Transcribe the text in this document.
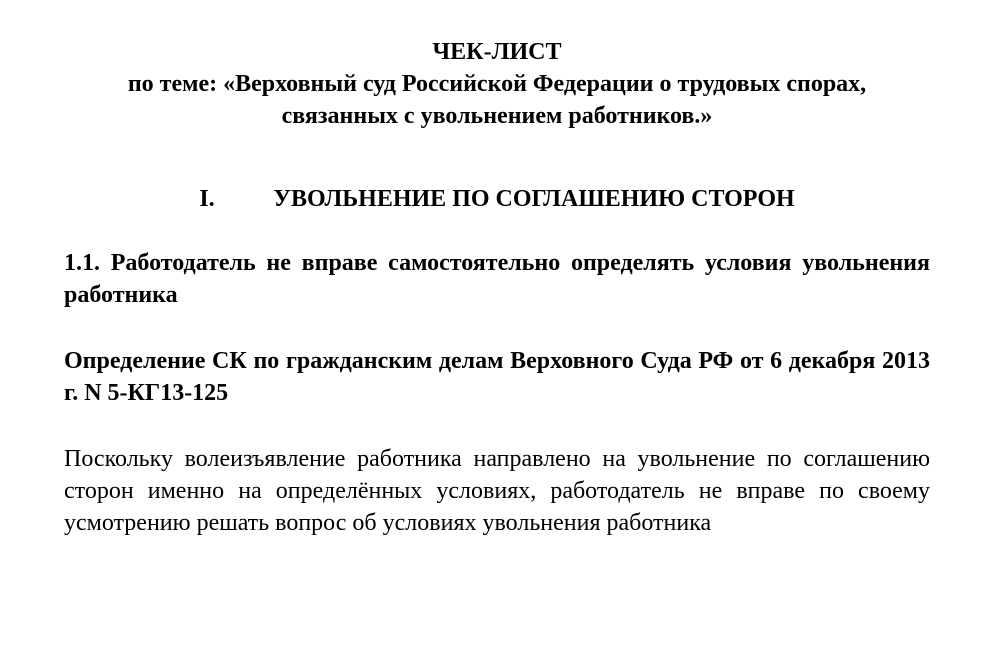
ЧЕК-ЛИСТ
по теме: «Верховный суд Российской Федерации о трудовых спорах,
связанных с увольнением работников.»
I. УВОЛЬНЕНИЕ ПО СОГЛАШЕНИЮ СТОРОН
1.1. Работодатель не вправе самостоятельно определять условия увольнения работника
Определение СК по гражданским делам Верховного Суда РФ от 6 декабря 2013 г. N 5-КГ13-125
Поскольку волеизъявление работника направлено на увольнение по соглашению сторон именно на определённых условиях, работодатель не вправе по своему усмотрению решать вопрос об условиях увольнения работника
